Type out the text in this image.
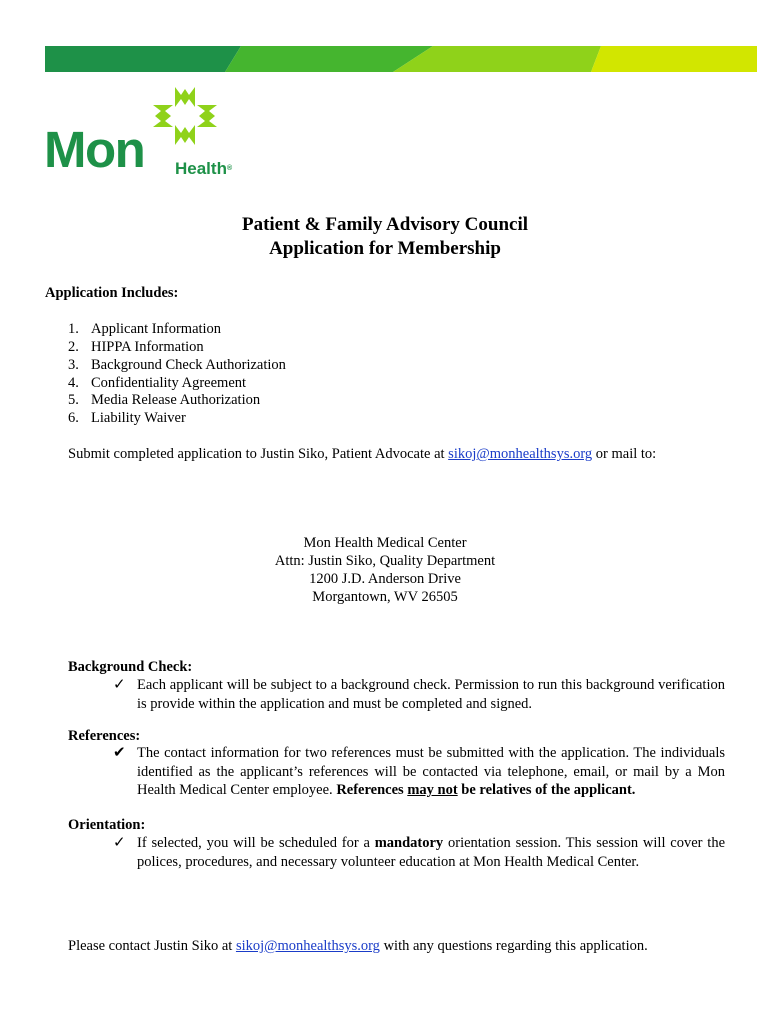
Mon Health®
Patient & Family Advisory Council
Application for Membership
Application Includes:
1. Applicant Information
2. HIPPA Information
3. Background Check Authorization
4. Confidentiality Agreement
5. Media Release Authorization
6. Liability Waiver
Submit completed application to Justin Siko, Patient Advocate at sikoj@monhealthsys.org or mail to:
Mon Health Medical Center
Attn: Justin Siko, Quality Department
1200 J.D. Anderson Drive
Morgantown, WV 26505
Background Check:
✓ Each applicant will be subject to a background check. Permission to run this background verification is provide within the application and must be completed and signed.
References:
✔ The contact information for two references must be submitted with the application. The individuals identified as the applicant’s references will be contacted via telephone, email, or mail by a Mon Health Medical Center employee. References may not be relatives of the applicant.
Orientation:
✓ If selected, you will be scheduled for a mandatory orientation session. This session will cover the polices, procedures, and necessary volunteer education at Mon Health Medical Center.
Please contact Justin Siko at sikoj@monhealthsys.org with any questions regarding this application.
